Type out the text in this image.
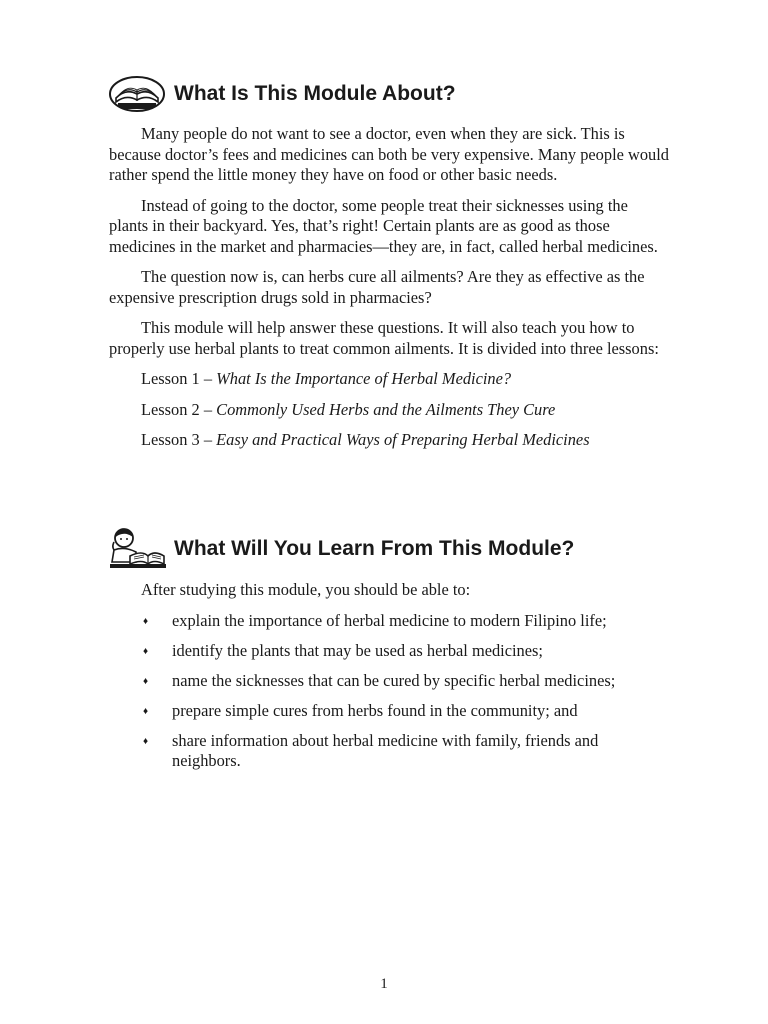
What Is This Module About?

Many people do not want to see a doctor, even when they are sick. This is because doctor’s fees and medicines can both be very expensive. Many people would rather spend the little money they have on food or other basic needs.

Instead of going to the doctor, some people treat their sicknesses using the plants in their backyard. Yes, that’s right! Certain plants are as good as those medicines in the market and pharmacies—they are, in fact, called herbal medicines.

The question now is, can herbs cure all ailments? Are they as effective as the expensive prescription drugs sold in pharmacies?

This module will help answer these questions. It will also teach you how to properly use herbal plants to treat common ailments. It is divided into three lessons:

Lesson 1 – What Is the Importance of Herbal Medicine?
Lesson 2 – Commonly Used Herbs and the Ailments They Cure
Lesson 3 – Easy and Practical Ways of Preparing Herbal Medicines
What Will You Learn From This Module?

After studying this module, you should be able to:

♦ explain the importance of herbal medicine to modern Filipino life;
♦ identify the plants that may be used as herbal medicines;
♦ name the sicknesses that can be cured by specific herbal medicines;
♦ prepare simple cures from herbs found in the community; and
♦ share information about herbal medicine with family, friends and neighbors.
1
